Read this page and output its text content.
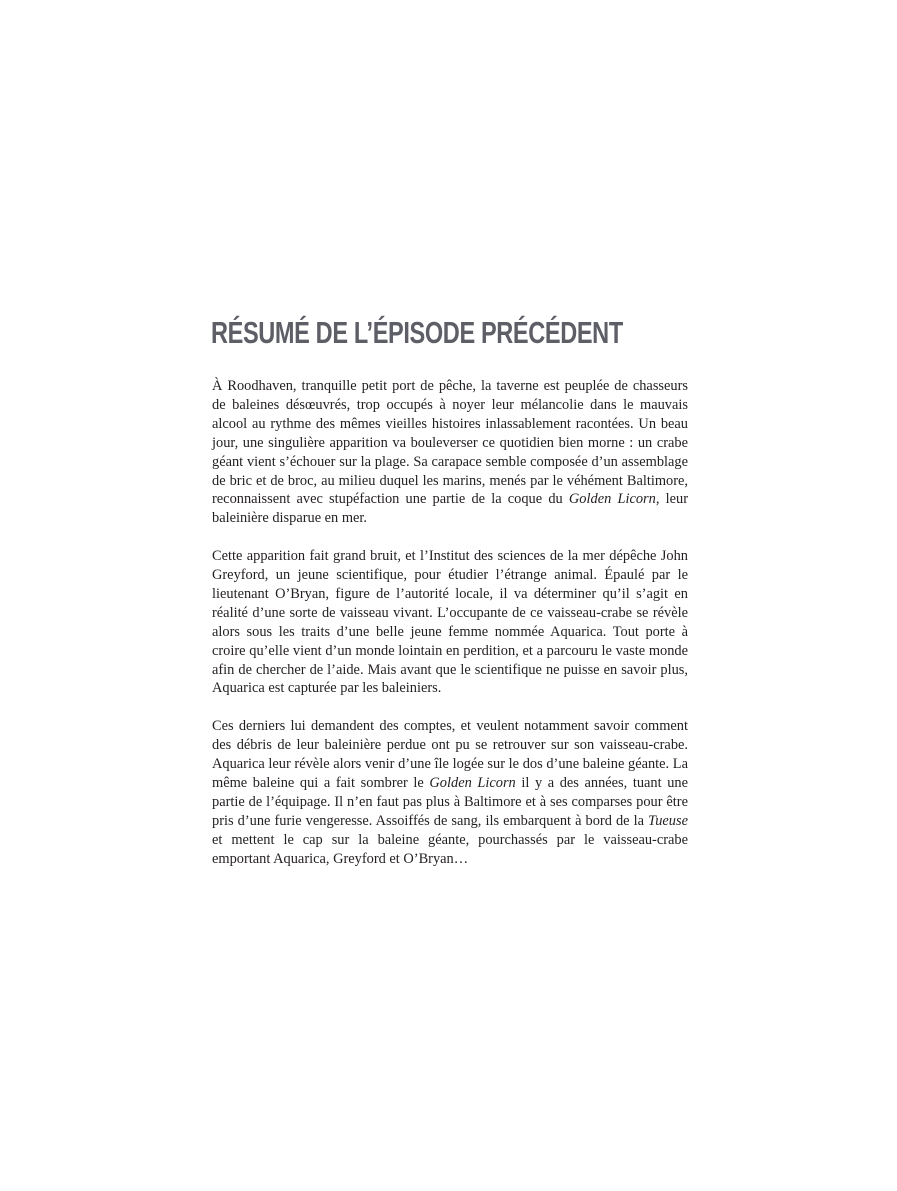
RÉSUMÉ DE L’ÉPISODE PRÉCÉDENT

À Roodhaven, tranquille petit port de pêche, la taverne est peuplée de chasseurs de baleines désœuvrés, trop occupés à noyer leur mélancolie dans le mauvais alcool au rythme des mêmes vieilles histoires inlassablement racontées. Un beau jour, une singulière apparition va bouleverser ce quotidien bien morne : un crabe géant vient s’échouer sur la plage. Sa carapace semble composée d’un assemblage de bric et de broc, au milieu duquel les marins, menés par le véhément Baltimore, reconnaissent avec stupéfaction une partie de la coque du Golden Licorn, leur baleinière disparue en mer.

Cette apparition fait grand bruit, et l’Institut des sciences de la mer dépêche John Greyford, un jeune scientifique, pour étudier l’étrange animal. Épaulé par le lieutenant O’Bryan, figure de l’autorité locale, il va déterminer qu’il s’agit en réalité d’une sorte de vaisseau vivant. L’occupante de ce vaisseau-crabe se révèle alors sous les traits d’une belle jeune femme nommée Aquarica. Tout porte à croire qu’elle vient d’un monde lointain en perdition, et a parcouru le vaste monde afin de chercher de l’aide. Mais avant que le scientifique ne puisse en savoir plus, Aquarica est capturée par les baleiniers.

Ces derniers lui demandent des comptes, et veulent notamment savoir comment des débris de leur baleinière perdue ont pu se retrouver sur son vaisseau-crabe. Aquarica leur révèle alors venir d’une île logée sur le dos d’une baleine géante. La même baleine qui a fait sombrer le Golden Licorn il y a des années, tuant une partie de l’équipage. Il n’en faut pas plus à Baltimore et à ses comparses pour être pris d’une furie vengeresse. Assoiffés de sang, ils embarquent à bord de la Tueuse et mettent le cap sur la baleine géante, pourchassés par le vaisseau-crabe emportant Aquarica, Greyford et O’Bryan…
